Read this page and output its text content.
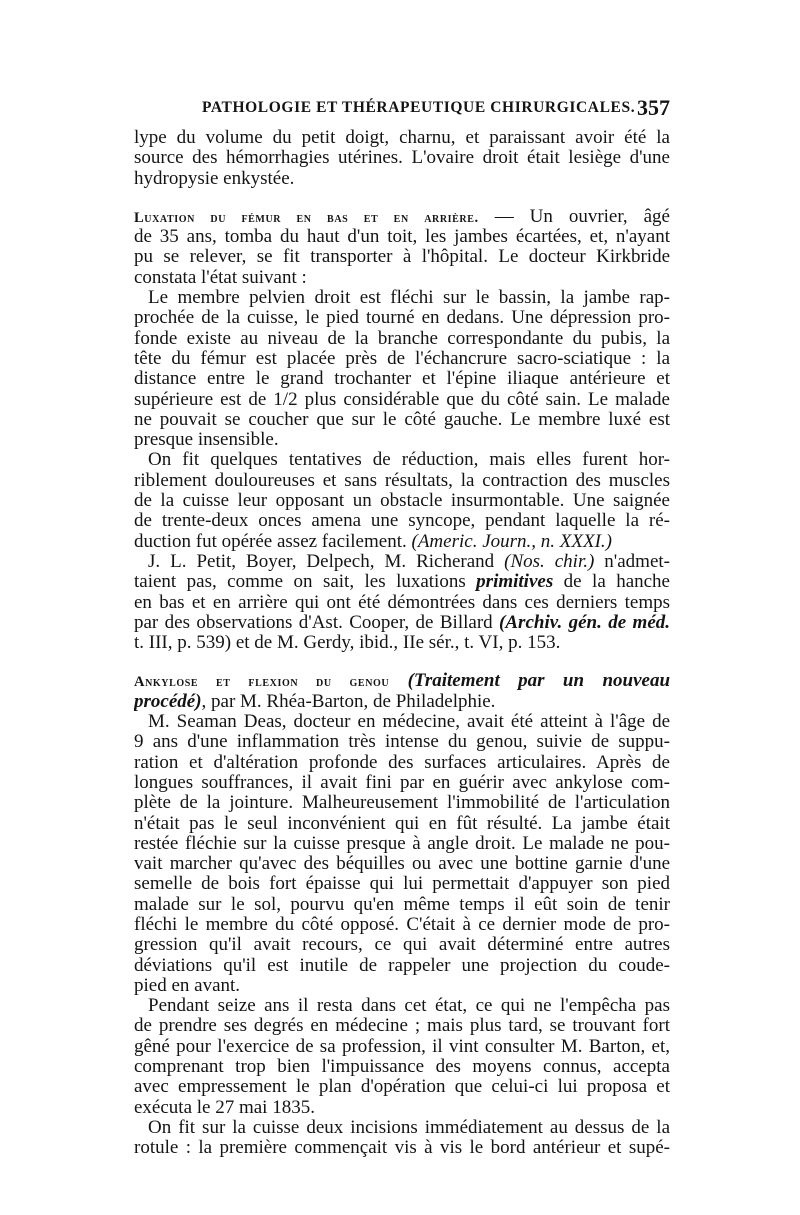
PATHOLOGIE ET THÉRAPEUTIQUE CHIRURGICALES. 357
lype du volume du petit doigt, charnu, et paraissant avoir été la
source des hémorrhagies utérines. L'ovaire droit était lesiège d'une
hydropysie enkystée.
Luxation du fémur en bas et en arrière. — Un ouvrier, âgé
de 35 ans, tomba du haut d'un toit, les jambes écartées, et, n'ayant
pu se relever, se fit transporter à l'hôpital. Le docteur Kirkbride
constata l'état suivant :
Le membre pelvien droit est fléchi sur le bassin, la jambe rap-
prochée de la cuisse, le pied tourné en dedans. Une dépression pro-
fonde existe au niveau de la branche correspondante du pubis, la
tête du fémur est placée près de l'échancrure sacro-sciatique : la
distance entre le grand trochanter et l'épine iliaque antérieure et
supérieure est de 1/2 plus considérable que du côté sain. Le malade
ne pouvait se coucher que sur le côté gauche. Le membre luxé est
presque insensible.
On fit quelques tentatives de réduction, mais elles furent hor-
riblement douloureuses et sans résultats, la contraction des muscles
de la cuisse leur opposant un obstacle insurmontable. Une saignée
de trente-deux onces amena une syncope, pendant laquelle la ré-
duction fut opérée assez facilement. (Americ. Journ., n. XXXI.)
J. L. Petit, Boyer, Delpech, M. Richerand (Nos. chir.) n'admet-
taient pas, comme on sait, les luxations primitives de la hanche
en bas et en arrière qui ont été démontrées dans ces derniers temps
par des observations d'Ast. Cooper, de Billard (Archiv. gén. de méd.
t. III, p. 539) et de M. Gerdy, ibid., IIe sér., t. VI, p. 153.
Ankylose et flexion du genou (Traitement par un nouveau
procédé), par M. Rhéa-Barton, de Philadelphie.
M. Seaman Deas, docteur en médecine, avait été atteint à l'âge de
9 ans d'une inflammation très intense du genou, suivie de suppu-
ration et d'altération profonde des surfaces articulaires. Après de
longues souffrances, il avait fini par en guérir avec ankylose com-
plète de la jointure. Malheureusement l'immobilité de l'articulation
n'était pas le seul inconvénient qui en fût résulté. La jambe était
restée fléchie sur la cuisse presque à angle droit. Le malade ne pou-
vait marcher qu'avec des béquilles ou avec une bottine garnie d'une
semelle de bois fort épaisse qui lui permettait d'appuyer son pied
malade sur le sol, pourvu qu'en même temps il eût soin de tenir
fléchi le membre du côté opposé. C'était à ce dernier mode de pro-
gression qu'il avait recours, ce qui avait déterminé entre autres
déviations qu'il est inutile de rappeler une projection du coude-
pied en avant.
Pendant seize ans il resta dans cet état, ce qui ne l'empêcha pas
de prendre ses degrés en médecine ; mais plus tard, se trouvant fort
gêné pour l'exercice de sa profession, il vint consulter M. Barton, et,
comprenant trop bien l'impuissance des moyens connus, accepta
avec empressement le plan d'opération que celui-ci lui proposa et
exécuta le 27 mai 1835.
On fit sur la cuisse deux incisions immédiatement au dessus de la
rotule : la première commençait vis à vis le bord antérieur et supé-
